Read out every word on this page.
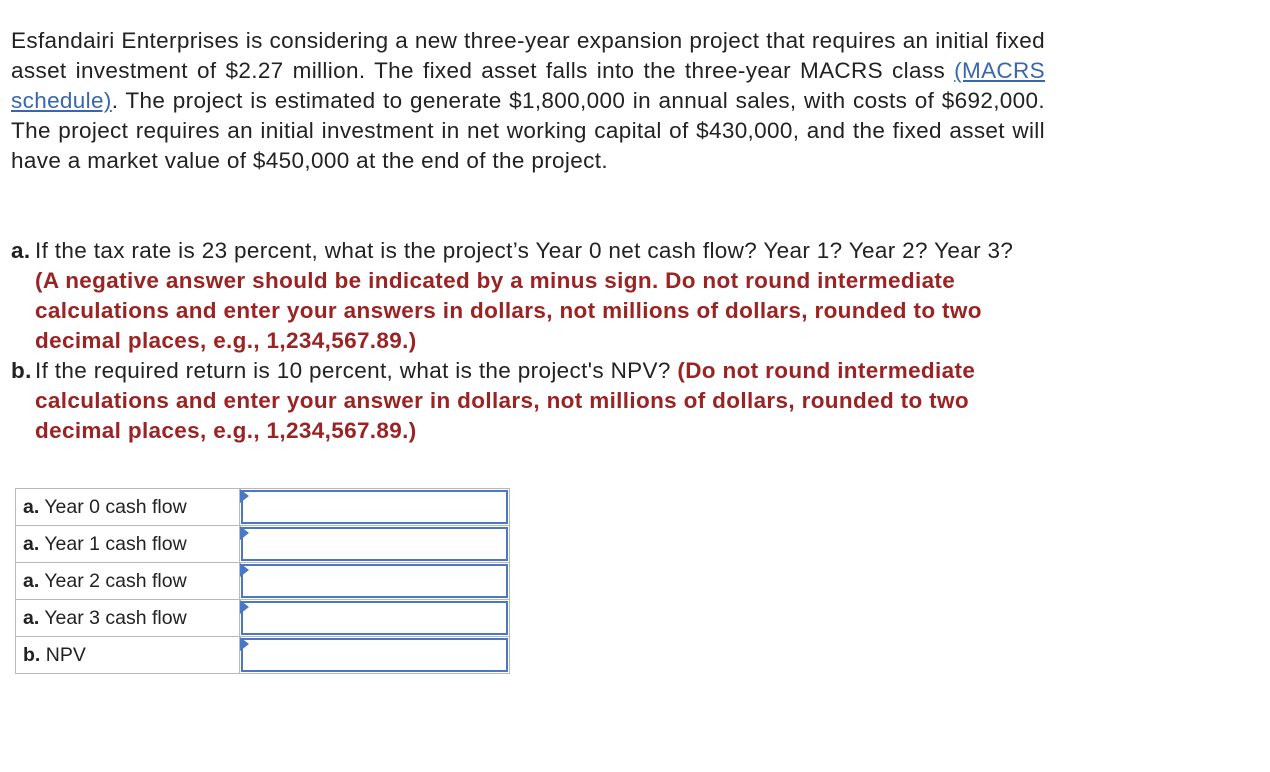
Esfandairi Enterprises is considering a new three-year expansion project that requires an initial fixed asset investment of $2.27 million. The fixed asset falls into the three-year MACRS class (MACRS schedule). The project is estimated to generate $1,800,000 in annual sales, with costs of $692,000. The project requires an initial investment in net working capital of $430,000, and the fixed asset will have a market value of $450,000 at the end of the project.
a. If the tax rate is 23 percent, what is the project’s Year 0 net cash flow? Year 1? Year 2? Year 3? (A negative answer should be indicated by a minus sign. Do not round intermediate calculations and enter your answers in dollars, not millions of dollars, rounded to two decimal places, e.g., 1,234,567.89.)
b. If the required return is 10 percent, what is the project's NPV? (Do not round intermediate calculations and enter your answer in dollars, not millions of dollars, rounded to two decimal places, e.g., 1,234,567.89.)
a. Year 0 cash flow	

a. Year 1 cash flow	

a. Year 2 cash flow	

a. Year 3 cash flow	

b. NPV	
